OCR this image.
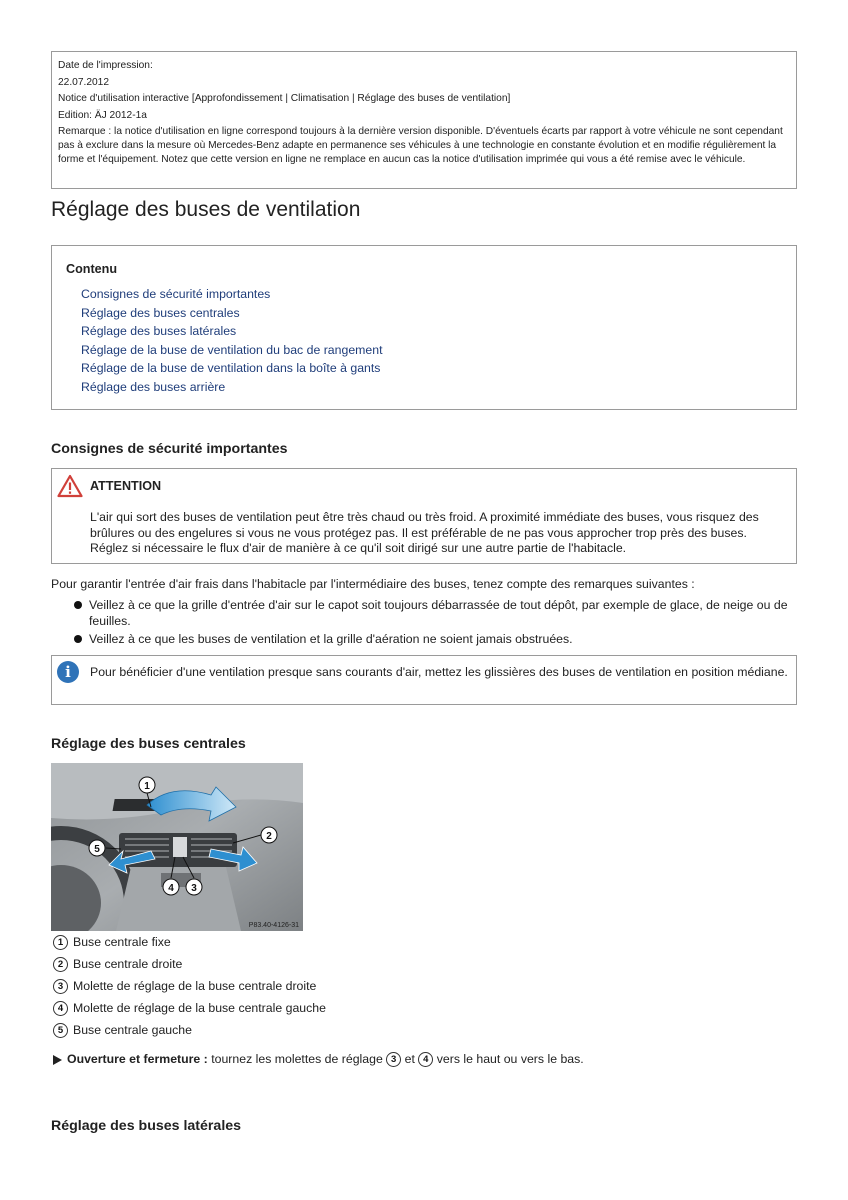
Date de l'impression:
22.07.2012
Notice d'utilisation interactive [Approfondissement | Climatisation | Réglage des buses de ventilation]
Edition: ÄJ 2012-1a
Remarque : la notice d'utilisation en ligne correspond toujours à la dernière version disponible. D'éventuels écarts par rapport à votre véhicule ne sont cependant pas à exclure dans la mesure où Mercedes-Benz adapte en permanence ses véhicules à une technologie en constante évolution et en modifie régulièrement la forme et l'équipement. Notez que cette version en ligne ne remplace en aucun cas la notice d'utilisation imprimée qui vous a été remise avec le véhicule.
Réglage des buses de ventilation
Contenu
Consignes de sécurité importantes
Réglage des buses centrales
Réglage des buses latérales
Réglage de la buse de ventilation du bac de rangement
Réglage de la buse de ventilation dans la boîte à gants
Réglage des buses arrière
Consignes de sécurité importantes
ATTENTION
L'air qui sort des buses de ventilation peut être très chaud ou très froid. A proximité immédiate des buses, vous risquez des brûlures ou des engelures si vous ne vous protégez pas. Il est préférable de ne pas vous approcher trop près des buses. Réglez si nécessaire le flux d'air de manière à ce qu'il soit dirigé sur une autre partie de l'habitacle.
Pour garantir l'entrée d'air frais dans l'habitacle par l'intermédiaire des buses, tenez compte des remarques suivantes :
Veillez à ce que la grille d'entrée d'air sur le capot soit toujours débarrassée de tout dépôt, par exemple de glace, de neige ou de feuilles.
Veillez à ce que les buses de ventilation et la grille d'aération ne soient jamais obstruées.
i	Pour bénéficier d'une ventilation presque sans courants d'air, mettez les glissières des buses de ventilation en position médiane.
Réglage des buses centrales
1
2
5
4 3
P83.40-4126-31
1 Buse centrale fixe
2 Buse centrale droite
3 Molette de réglage de la buse centrale droite
4 Molette de réglage de la buse centrale gauche
5 Buse centrale gauche
Ouverture et fermeture : tournez les molettes de réglage 3 et 4 vers le haut ou vers le bas.
Réglage des buses latérales
